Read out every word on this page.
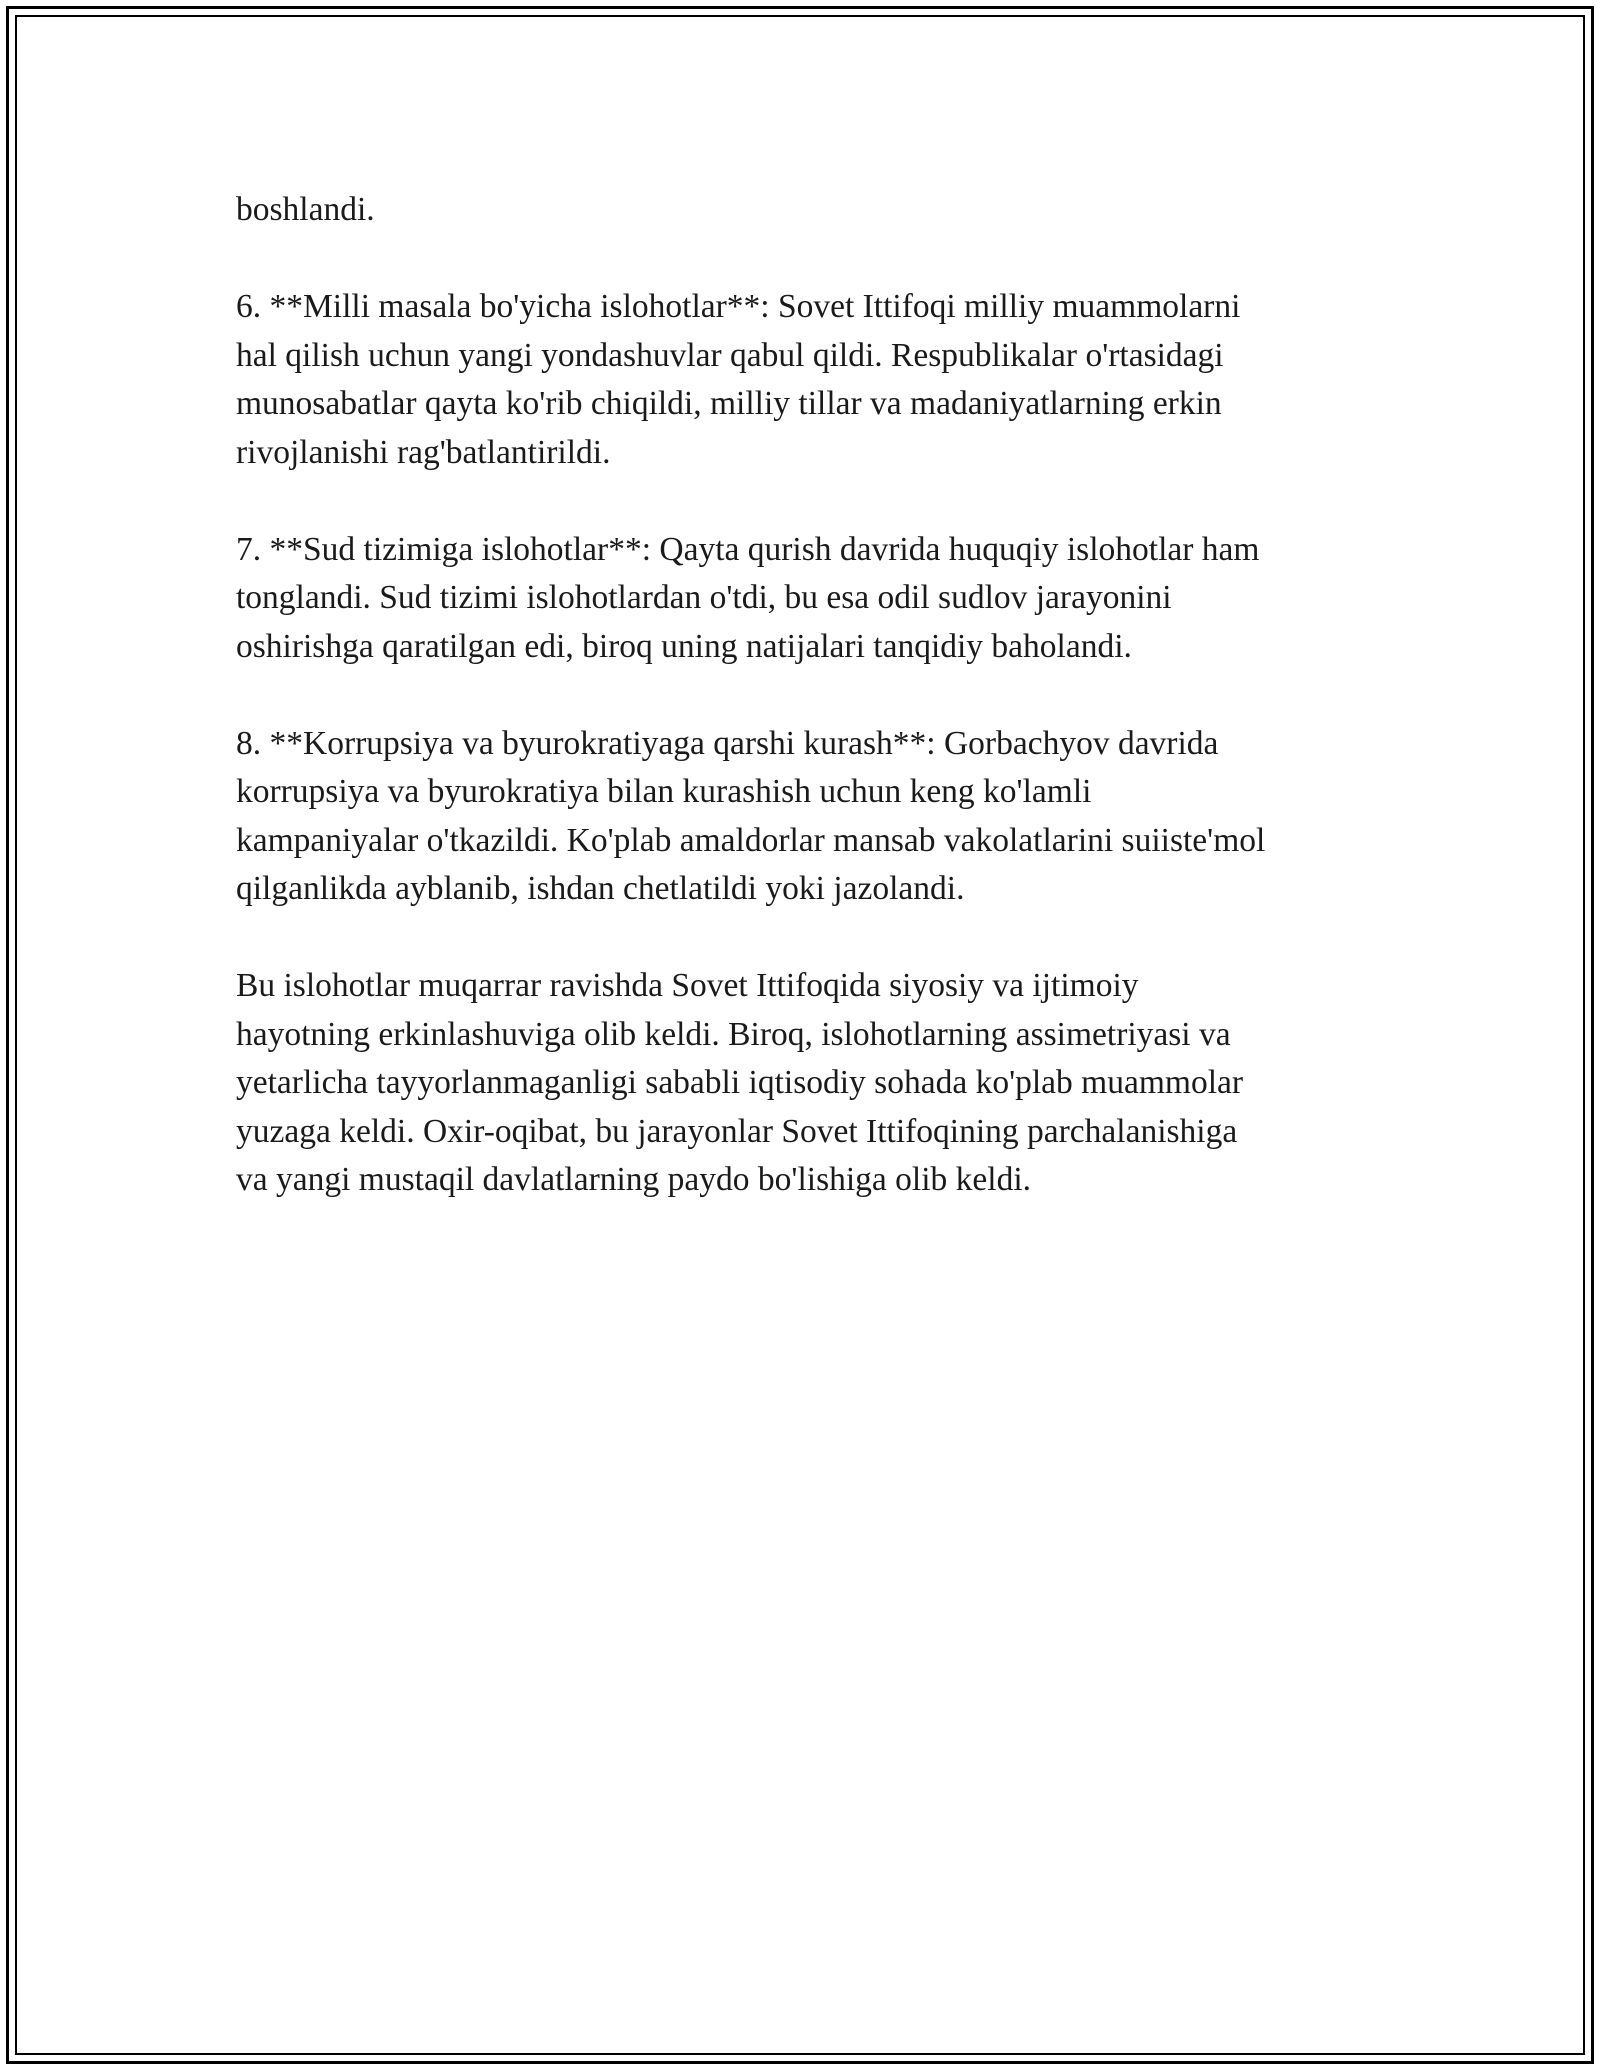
boshlandi.

6. **Milli masala bo'yicha islohotlar**: Sovet Ittifoqi milliy muammolarni
hal qilish uchun yangi yondashuvlar qabul qildi. Respublikalar o'rtasidagi
munosabatlar qayta ko'rib chiqildi, milliy tillar va madaniyatlarning erkin
rivojlanishi rag'batlantirildi.

7. **Sud tizimiga islohotlar**: Qayta qurish davrida huquqiy islohotlar ham
tonglandi. Sud tizimi islohotlardan o'tdi, bu esa odil sudlov jarayonini
oshirishga qaratilgan edi, biroq uning natijalari tanqidiy baholandi.

8. **Korrupsiya va byurokratiyaga qarshi kurash**: Gorbachyov davrida
korrupsiya va byurokratiya bilan kurashish uchun keng ko'lamli
kampaniyalar o'tkazildi. Ko'plab amaldorlar mansab vakolatlarini suiiste'mol
qilganlikda ayblanib, ishdan chetlatildi yoki jazolandi.

Bu islohotlar muqarrar ravishda Sovet Ittifoqida siyosiy va ijtimoiy
hayotning erkinlashuviga olib keldi. Biroq, islohotlarning assimetriyasi va
yetarlicha tayyorlanmaganligi sababli iqtisodiy sohada ko'plab muammolar
yuzaga keldi. Oxir-oqibat, bu jarayonlar Sovet Ittifoqining parchalanishiga
va yangi mustaqil davlatlarning paydo bo'lishiga olib keldi.
